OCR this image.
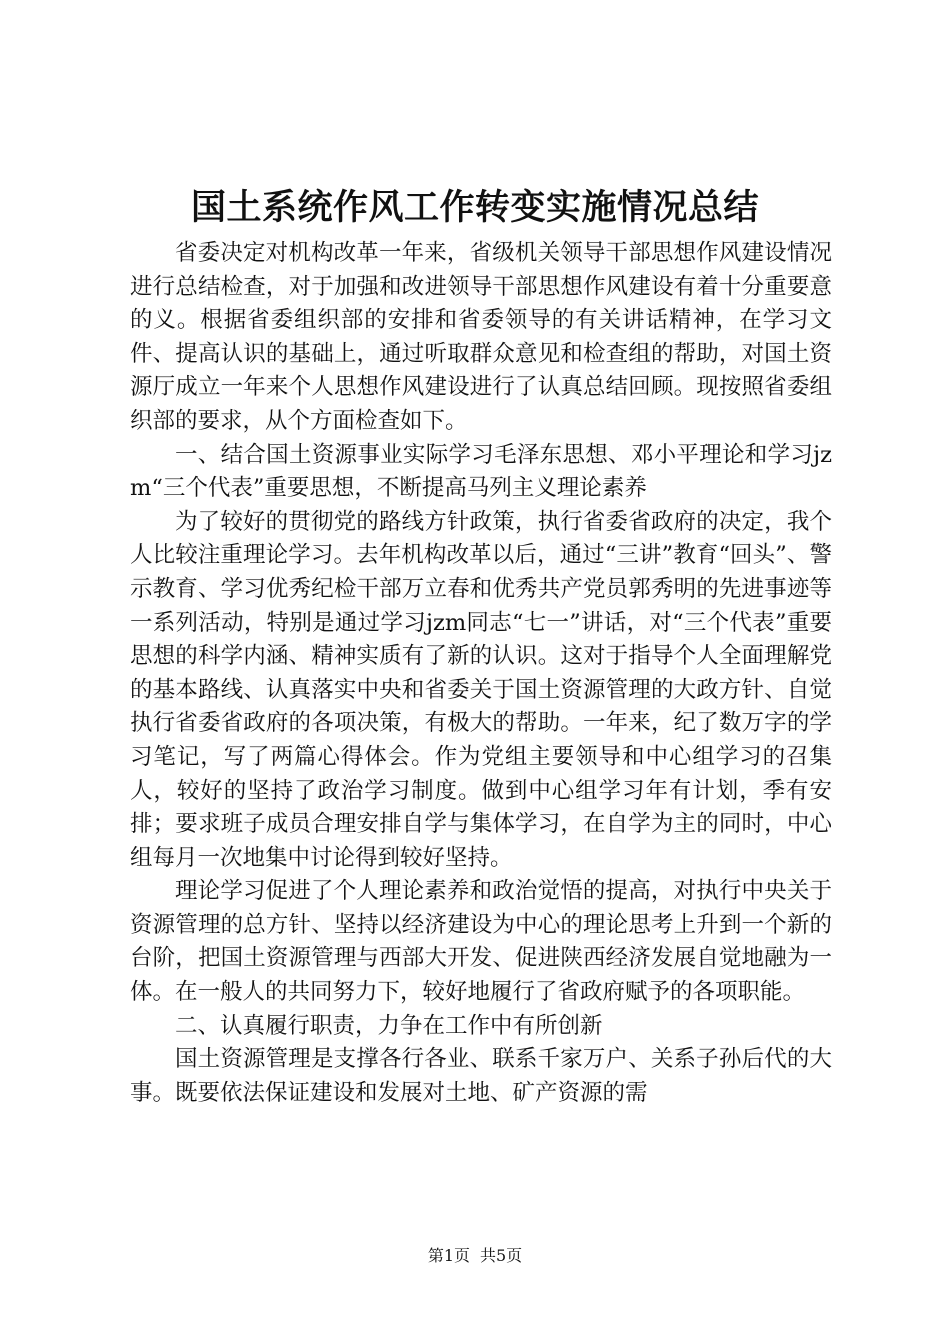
国土系统作风工作转变实施情况总结

省委决定对机构改革一年来，省级机关领导干部思想作风建设情况进行总结检查，对于加强和改进领导干部思想作风建设有着十分重要意的义。根据省委组织部的安排和省委领导的有关讲话精神，在学习文件、提高认识的基础上，通过听取群众意见和检查组的帮助，对国土资源厅成立一年来个人思想作风建设进行了认真总结回顾。现按照省委组织部的要求，从个方面检查如下。

一、结合国土资源事业实际学习毛泽东思想、邓小平理论和学习jzm“三个代表”重要思想，不断提高马列主义理论素养

为了较好的贯彻党的路线方针政策，执行省委省政府的决定，我个人比较注重理论学习。去年机构改革以后，通过“三讲”教育“回头”、警示教育、学习优秀纪检干部万立春和优秀共产党员郭秀明的先进事迹等一系列活动，特别是通过学习jzm同志“七一”讲话，对“三个代表”重要思想的科学内涵、精神实质有了新的认识。这对于指导个人全面理解党的基本路线、认真落实中央和省委关于国土资源管理的大政方针、自觉执行省委省政府的各项决策，有极大的帮助。一年来，纪了数万字的学习笔记，写了两篇心得体会。作为党组主要领导和中心组学习的召集人，较好的坚持了政治学习制度。做到中心组学习年有计划，季有安排；要求班子成员合理安排自学与集体学习，在自学为主的同时，中心组每月一次地集中讨论得到较好坚持。

理论学习促进了个人理论素养和政治觉悟的提高，对执行中央关于资源管理的总方针、坚持以经济建设为中心的理论思考上升到一个新的台阶，把国土资源管理与西部大开发、促进陕西经济发展自觉地融为一体。在一般人的共同努力下，较好地履行了省政府赋予的各项职能。

二、认真履行职责，力争在工作中有所创新

国土资源管理是支撑各行各业、联系千家万户、关系子孙后代的大事。既要依法保证建设和发展对土地、矿产资源的需

第1页 共5页
